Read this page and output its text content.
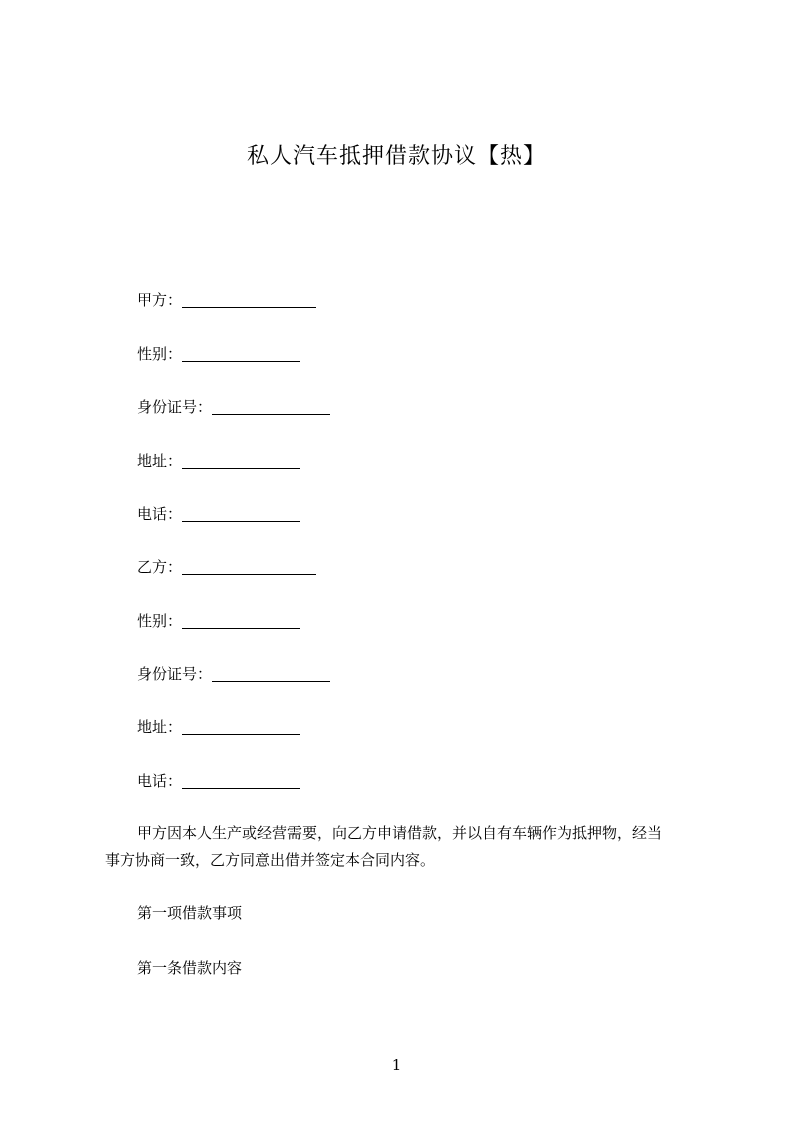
私人汽车抵押借款协议【热】
甲方：
性别：
身份证号：
地址：
电话：
乙方：
性别：
身份证号：
地址：
电话：
甲方因本人生产或经营需要，向乙方申请借款，并以自有车辆作为抵押物，经当
事方协商一致，乙方同意出借并签定本合同内容。
第一项借款事项
第一条借款内容
1
